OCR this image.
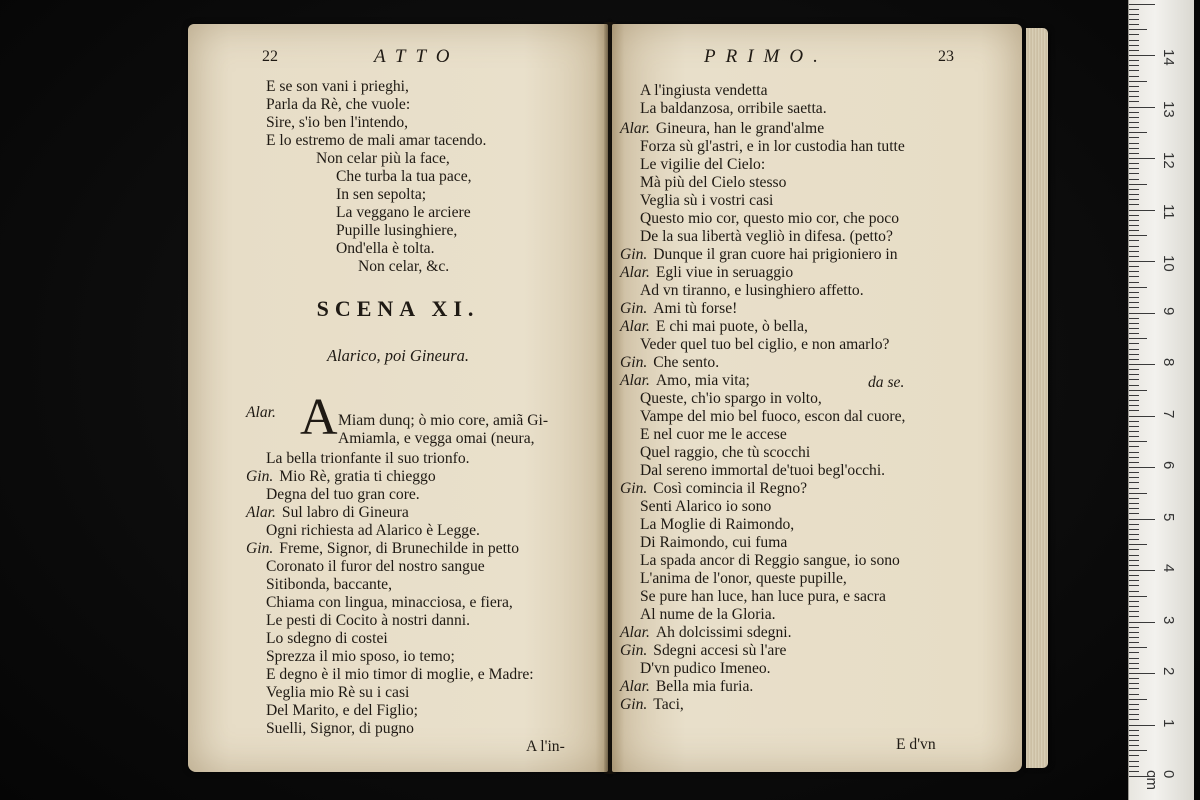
22	ATTO
E se son vani i prieghi,
Parla da Rè, che vuole:
Sire, s'io ben l'intendo,
E lo estremo de mali amar tacendo.
Non celar più la face,
Che turba la tua pace,
In sen sepolta;
La veggano le arciere
Pupille lusinghiere,
Ond'ella è tolta.
Non celar, &c.
SCENA XI.
Alarico, poi Gineura.
A
Alar.	Miam dunq; ò mio core, amiã Gi-
Amiamla, e vegga omai (neura,
La bella trionfante il suo trionfo.
Gin. Mio Rè, gratia ti chieggo
Degna del tuo gran core.
Alar. Sul labro di Gineura
Ogni richiesta ad Alarico è Legge.
Gin. Freme, Signor, di Brunechilde in petto
Coronato il furor del nostro sangue
Sitibonda, baccante,
Chiama con lingua, minacciosa, e fiera,
Le pesti di Cocito à nostri danni.
Lo sdegno di costei
Sprezza il mio sposo, io temo;
E degno è il mio timor di moglie, e Madre:
Veglia mio Rè su i casi
Del Marito, e del Figlio;
Suelli, Signor, di pugno
A l'in-
PRIMO.	23
A l'ingiusta vendetta
La baldanzosa, orribile saetta.
Alar. Gineura, han le grand'alme
Forza sù gl'astri, e in lor custodia han tutte
Le vigilie del Cielo:
Mà più del Cielo stesso
Veglia sù i vostri casi
Questo mio cor, questo mio cor, che poco
De la sua libertà vegliò in difesa. (petto?
Gin. Dunque il gran cuore hai prigioniero in
Alar. Egli viue in seruaggio
Ad vn tiranno, e lusinghiero affetto.
Gin. Ami tù forse!
Alar. E chi mai puote, ò bella,
Veder quel tuo bel ciglio, e non amarlo?
Gin. Che sento.
Alar. Amo, mia vita;
Queste, ch'io spargo in volto,
Vampe del mio bel fuoco, escon dal cuore,
E nel cuor me le accese
Quel raggio, che tù scocchi
Dal sereno immortal de'tuoi begl'occhi.
Gin. Così comincia il Regno?
Senti Alarico io sono
La Moglie di Raimondo,
Di Raimondo, cui fuma
La spada ancor di Reggio sangue, io sono
L'anima de l'onor, queste pupille,
Se pure han luce, han luce pura, e sacra
Al nume de la Gloria.
Alar. Ah dolcissimi sdegni.
Gin. Sdegni accesi sù l'are
D'vn pudico Imeneo.
Alar. Bella mia furia.
Gin. Taci,
da se.
E d'vn
0 cm
1
2
3
4
5
6
7
8
9
10
11
12
13
14
